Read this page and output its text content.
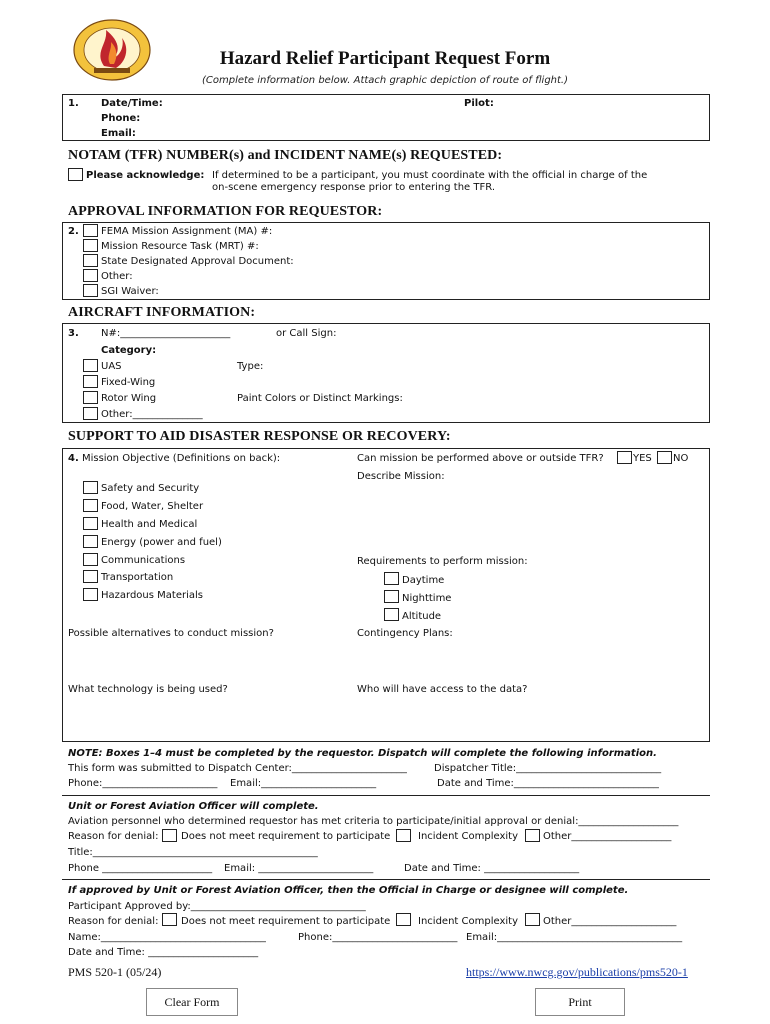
Hazard Relief Participant Request Form
(Complete information below. Attach graphic depiction of route of flight.)
1. Date/Time:
Phone:
Email:
Pilot:
NOTAM (TFR) NUMBER(s) and INCIDENT NAME(s) REQUESTED:
Please acknowledge: If determined to be a participant, you must coordinate with the official in charge of the
on-scene emergency response prior to entering the TFR.
APPROVAL INFORMATION FOR REQUESTOR:
2. FEMA Mission Assignment (MA) #:
Mission Resource Task (MRT) #:
State Designated Approval Document:
Other:
SGI Waiver:
AIRCRAFT INFORMATION:
3. N#:______________________	or Call Sign:
Category:
UAS
Fixed-Wing
Rotor Wing
Other:______________
Type:
Paint Colors or Distinct Markings:
SUPPORT TO AID DISASTER RESPONSE OR RECOVERY:
4. Mission Objective (Definitions on back):	Can mission be performed above or outside TFR?	YES NO
Describe Mission:
Safety and Security
Food, Water, Shelter
Health and Medical
Energy (power and fuel)
Communications
Transportation
Hazardous Materials
Requirements to perform mission:
Daytime
Nighttime
Altitude
Possible alternatives to conduct mission?	Contingency Plans:
What technology is being used?	Who will have access to the data?
NOTE: Boxes 1–4 must be completed by the requestor. Dispatch will complete the following information.
This form was submitted to Dispatch Center:_______________________	Dispatcher Title:_____________________________
Phone:_______________________ Email:_______________________	Date and Time:_____________________________
Unit or Forest Aviation Officer will complete.
Aviation personnel who determined requestor has met criteria to participate/initial approval or denial:____________________
Reason for denial: Does not meet requirement to participate	Incident Complexity	Other____________________
Title:_____________________________________________
Phone ______________________ Email: _______________________	Date and Time: ___________________
If approved by Unit or Forest Aviation Officer, then the Official in Charge or designee will complete.
Participant Approved by:___________________________________
Reason for denial: Does not meet requirement to participate	Incident Complexity	Other_____________________
Name:_________________________________	Phone:_________________________ Email:_____________________________________
Date and Time: ______________________
PMS 520-1 (05/24)	https://www.nwcg.gov/publications/pms520-1
Clear Form	Print
